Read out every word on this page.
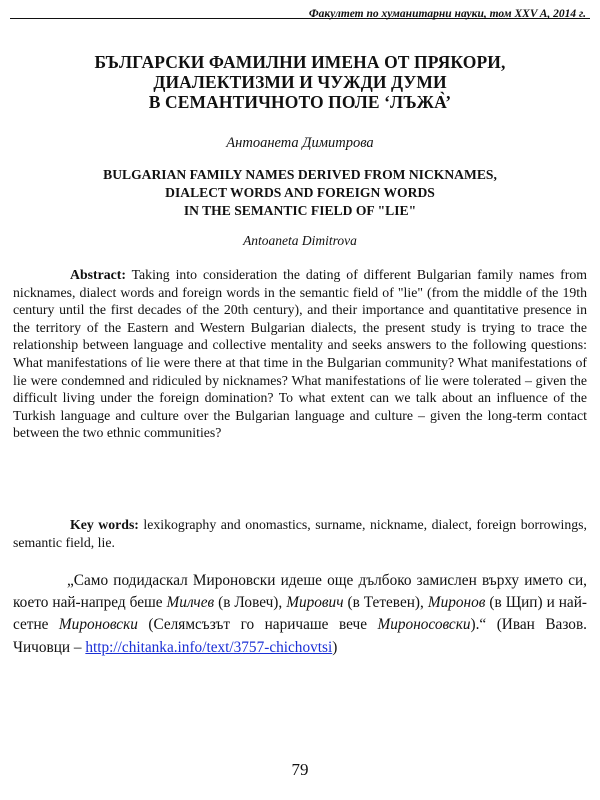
Факултет по хуманитарни науки, том XXV A, 2014 г.
БЪЛГАРСКИ ФАМИЛНИ ИМЕНА ОТ ПРЯКОРИ,
ДИАЛЕКТИЗМИ И ЧУЖДИ ДУМИ
В СЕМАНТИЧНОТО ПОЛЕ ‘ЛЪЖА̀’
Антоанета Димитрова
BULGARIAN FAMILY NAMES DERIVED FROM NICKNAMES,
DIALECT WORDS AND FOREIGN WORDS
IN THE SEMANTIC FIELD OF "LIE"
Antoaneta Dimitrova
Abstract: Taking into consideration the dating of different Bulgarian family names from nicknames, dialect words and foreign words in the semantic field of "lie" (from the middle of the 19th century until the first decades of the 20th century), and their importance and quantitative presence in the territory of the Eastern and Western Bulgarian dialects, the present study is trying to trace the relationship between language and collective mentality and seeks answers to the following questions: What manifestations of lie were there at that time in the Bulgarian community? What manifestations of lie were condemned and ridiculed by nicknames? What manifestations of lie were tolerated – given the difficult living under the foreign domination? To what extent can we talk about an influence of the Turkish language and culture over the Bulgarian language and culture – given the long-term contact between the two ethnic communities?
Key words: lexikography and onomastics, surname, nickname, dialect, foreign borrowings, semantic field, lie.
„Само подидаскал Мироновски идеше още дълбоко замислен върху името си, което най-напред беше Милчев (в Ловеч), Мирович (в Тетевен), Миронов (в Щип) и най-сетне Мироновски (Селямсъзът го наричаше вече Мироносовски).“ (Иван Вазов. Чичовци – http://chitanka.info/text/3757-chichovtsi)
79
